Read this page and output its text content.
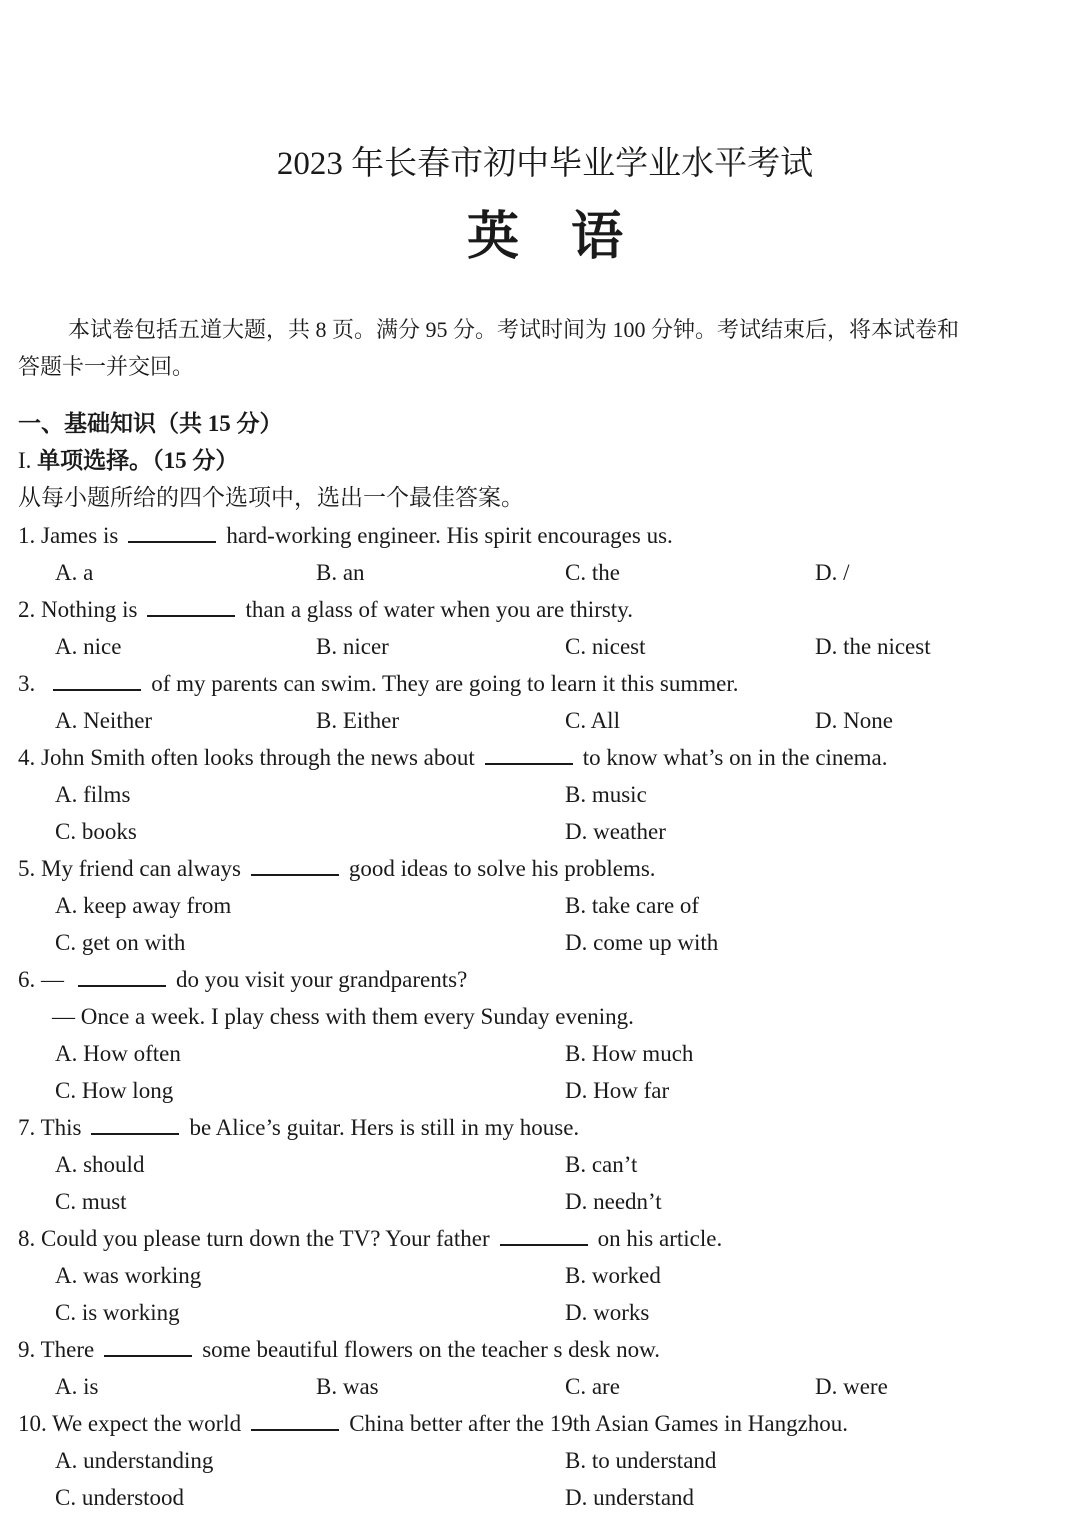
2023 年长春市初中毕业学业水平考试
英语
本试卷包括五道大题，共 8 页。满分 95 分。考试时间为 100 分钟。考试结束后，将本试卷和
答题卡一并交回。
一、基础知识（共 15 分）
I. 单项选择。（15 分）
从每小题所给的四个选项中，选出一个最佳答案。
1. James is	hard-working engineer. His spirit encourages us.
A. a	B. an	C. the	D. /
2. Nothing is	than a glass of water when you are thirsty.
A. nice	B. nicer	C. nicest	D. the nicest
3.	of my parents can swim. They are going to learn it this summer.
A. Neither	B. Either	C. All	D. None
4. John Smith often looks through the news about	to know what’s on in the cinema.
A. films	B. music
C. books	D. weather
5. My friend can always	good ideas to solve his problems.
A. keep away from	B. take care of
C. get on with	D. come up with
6. —	do you visit your grandparents?
— Once a week. I play chess with them every Sunday evening.
A. How often	B. How much
C. How long	D. How far
7. This	be Alice’s guitar. Hers is still in my house.
A. should	B. can’t
C. must	D. needn’t
8. Could you please turn down the TV? Your father	on his article.
A. was working	B. worked
C. is working	D. works
9. There	some beautiful flowers on the teacher s desk now.
A. is	B. was	C. are	D. were
10. We expect the world	China better after the 19th Asian Games in Hangzhou.
A. understanding	B. to understand
C. understood	D. understand
